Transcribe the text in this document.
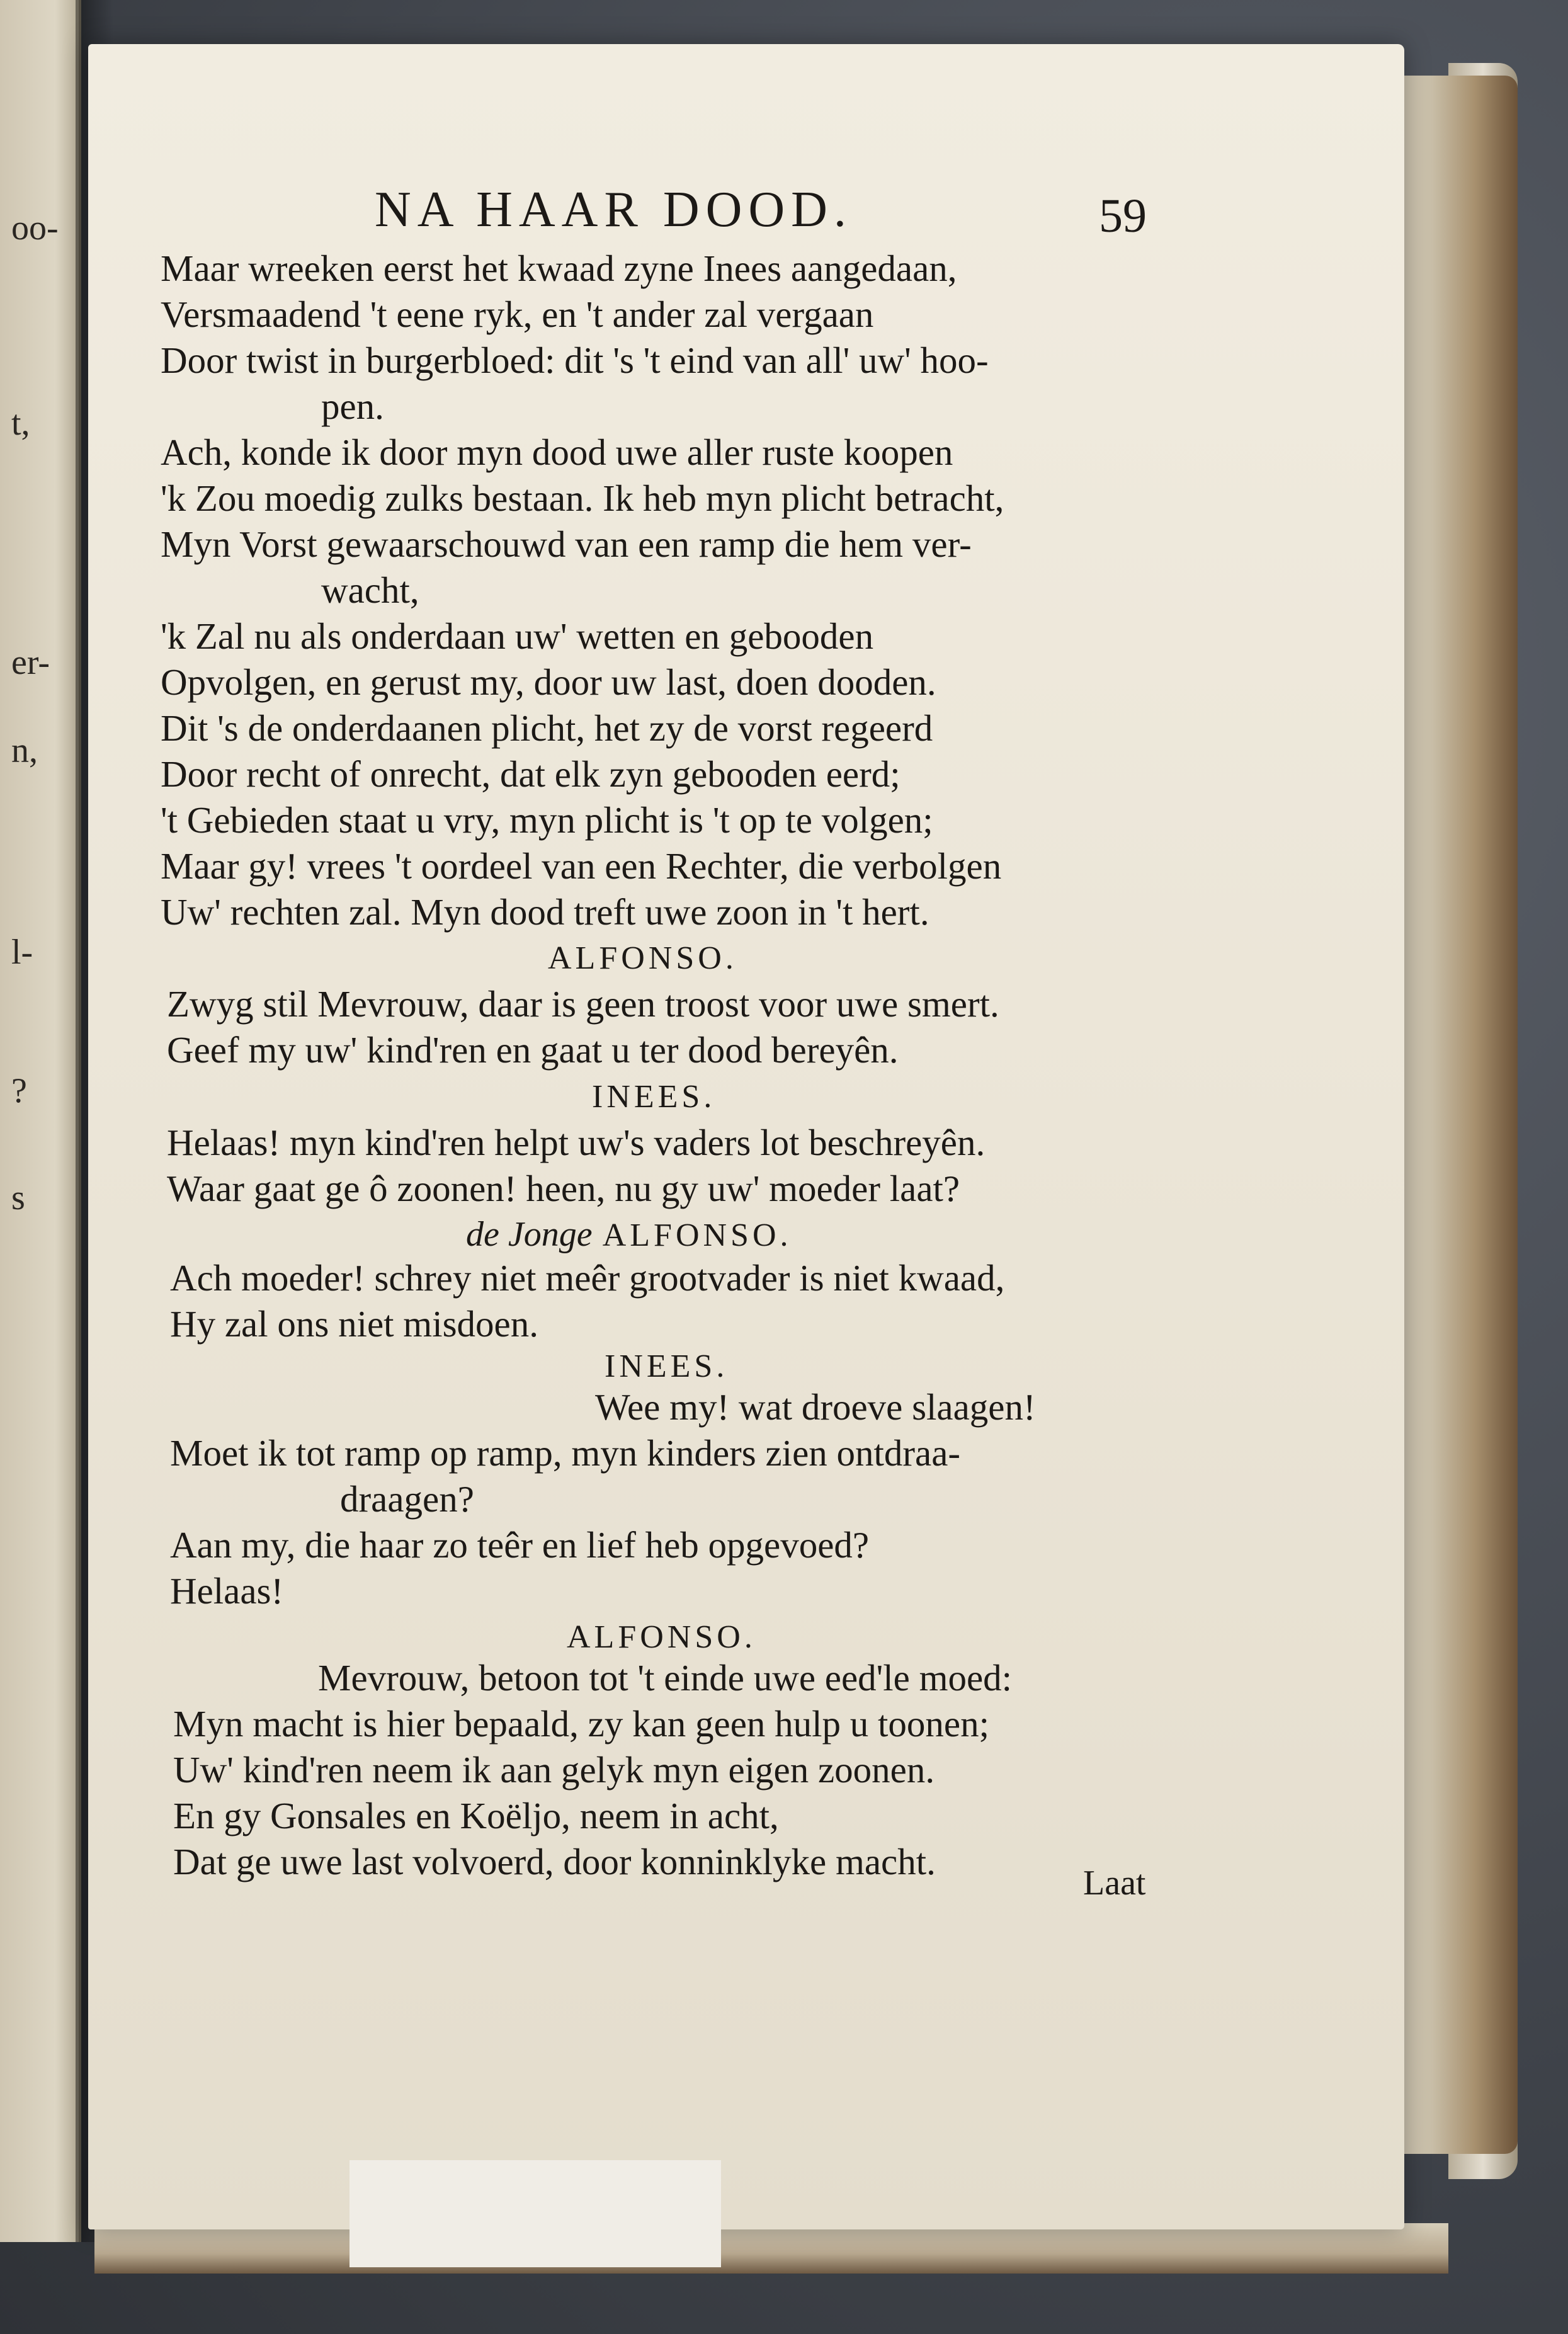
oo-
t,
er-
n,
l-
?
s
NA HAAR DOOD.	59
Maar wreeken eerst het kwaad zyne Inees aangedaan,
Versmaadend 't eene ryk, en 't ander zal vergaan
Door twist in burgerbloed: dit 's 't eind van all' uw' hoo-
pen.
Ach, konde ik door myn dood uwe aller ruste koopen
'k Zou moedig zulks bestaan. Ik heb myn plicht betracht,
Myn Vorst gewaarschouwd van een ramp die hem ver-
wacht,
'k Zal nu als onderdaan uw' wetten en gebooden
Opvolgen, en gerust my, door uw last, doen dooden.
Dit 's de onderdaanen plicht, het zy de vorst regeerd
Door recht of onrecht, dat elk zyn gebooden eerd;
't Gebieden staat u vry, myn plicht is 't op te volgen;
Maar gy! vrees 't oordeel van een Rechter, die verbolgen
Uw' rechten zal. Myn dood treft uwe zoon in 't hert.
ALFONSO.
Zwyg stil Mevrouw, daar is geen troost voor uwe smert.
Geef my uw' kind'ren en gaat u ter dood bereyên.
INEES.
Helaas! myn kind'ren helpt uw's vaders lot beschreyên.
Waar gaat ge ô zoonen! heen, nu gy uw' moeder laat?
de Jonge ALFONSO.
Ach moeder! schrey niet meêr grootvader is niet kwaad,
Hy zal ons niet misdoen.
INEES.
Wee my! wat droeve slaagen!
Moet ik tot ramp op ramp, myn kinders zien ontdraa-
draagen?
Aan my, die haar zo teêr en lief heb opgevoed?
Helaas!
ALFONSO.
Mevrouw, betoon tot 't einde uwe eed'le moed:
Myn macht is hier bepaald, zy kan geen hulp u toonen;
Uw' kind'ren neem ik aan gelyk myn eigen zoonen.
En gy Gonsales en Koëljo, neem in acht,
Dat ge uwe last volvoerd, door konninklyke macht.
Laat
